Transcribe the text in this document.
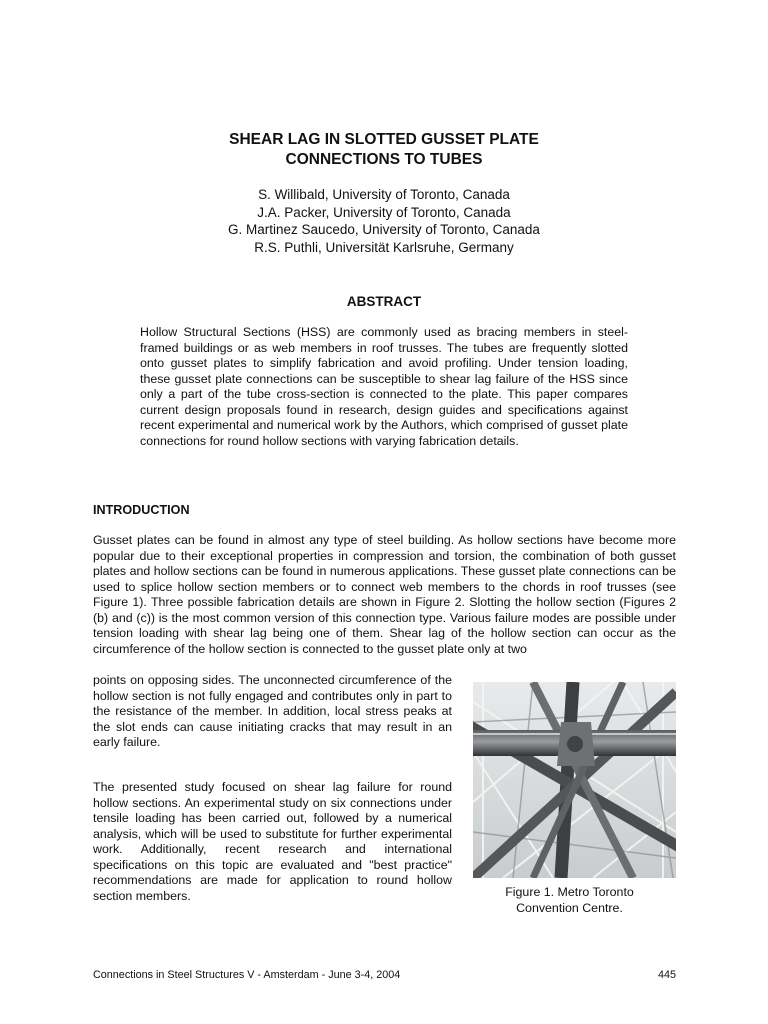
SHEAR LAG IN SLOTTED GUSSET PLATE
CONNECTIONS TO TUBES
S. Willibald, University of Toronto, Canada
J.A. Packer, University of Toronto, Canada
G. Martinez Saucedo, University of Toronto, Canada
R.S. Puthli, Universität Karlsruhe, Germany
ABSTRACT

Hollow Structural Sections (HSS) are commonly used as bracing members in steel-framed buildings or as web members in roof trusses. The tubes are frequently slotted onto gusset plates to simplify fabrication and avoid profiling. Under tension loading, these gusset plate connections can be susceptible to shear lag failure of the HSS since only a part of the tube cross-section is connected to the plate. This paper compares current design proposals found in research, design guides and specifications against recent experimental and numerical work by the Authors, which comprised of gusset plate connections for round hollow sections with varying fabrication details.

INTRODUCTION

Gusset plates can be found in almost any type of steel building. As hollow sections have become more popular due to their exceptional properties in compression and torsion, the combination of both gusset plates and hollow sections can be found in numerous applications. These gusset plate connections can be used to splice hollow section members or to connect web members to the chords in roof trusses (see Figure 1). Three possible fabrication details are shown in Figure 2. Slotting the hollow section (Figures 2 (b) and (c)) is the most common version of this connection type. Various failure modes are possible under tension loading with shear lag being one of them. Shear lag of the hollow section can occur as the circumference of the hollow section is connected to the gusset plate only at two

points on opposing sides. The unconnected circumference of the hollow section is not fully engaged and contributes only in part to the resistance of the member. In addition, local stress peaks at the slot ends can cause initiating cracks that may result in an early failure.

The presented study focused on shear lag failure for round hollow sections. An experimental study on six connections under tensile loading has been carried out, followed by a numerical analysis, which will be used to substitute for further experimental work. Additionally, recent research and international specifications on this topic are evaluated and "best practice" recommendations are made for application to round hollow section members.	Figure 1. Metro Toronto
Convention Centre.
Connections in Steel Structures V - Amsterdam - June 3-4, 2004	445
